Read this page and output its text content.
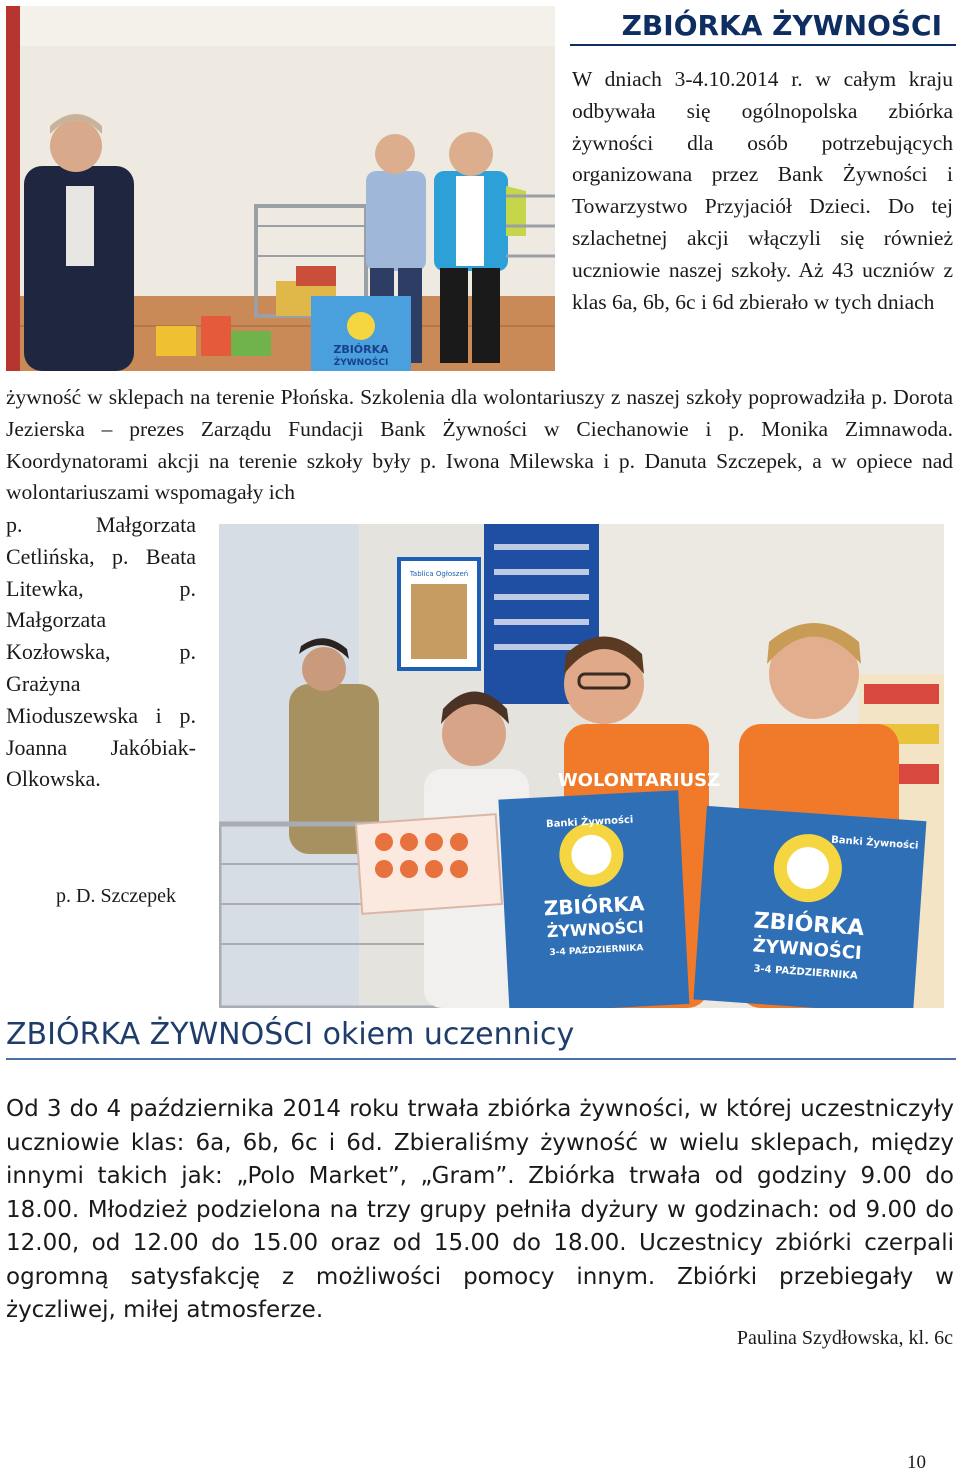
ZBIÓRKA
ŻYWNOŚCI
ZBIÓRKA ŻYWNOŚCI
W dniach 3-4.10.2014 r. w całym kraju odbywała się ogólnopolska zbiórka żywności dla osób potrzebujących organizowana przez Bank Żywności i Towarzystwo Przyjaciół Dzieci. Do tej szlachetnej akcji włączyli się również uczniowie naszej szkoły. Aż 43 uczniów z klas 6a, 6b, 6c i 6d zbierało w tych dniach
żywność w sklepach na terenie Płońska. Szkolenia dla wolontariuszy z naszej szkoły poprowadziła p. Dorota Jezierska – prezes Zarządu Fundacji Bank Żywności w Ciechanowie i p. Monika Zimnawoda. Koordynatorami akcji na terenie szkoły były p. Iwona Milewska i p. Danuta Szczepek, a w opiece nad wolontariuszami wspomagały ich
p. Małgorzata Cetlińska, p. Beata Litewka, p. Małgorzata Kozłowska, p. Grażyna Mioduszewska i p. Joanna Jakóbiak-Olkowska.
p. D. Szczepek
Tablica Ogłoszeń
WOLONTARIUSZ
Banki Żywności
ZBIÓRKA
ŻYWNOŚCI
3-4 PAŹDZIERNIKA
Banki Żywności
ZBIÓRKA
ŻYWNOŚCI
3-4 PAŹDZIERNIKA
ZBIÓRKA ŻYWNOŚCI okiem uczennicy
Od 3 do 4 października 2014 roku trwała zbiórka żywności, w której uczestniczyły uczniowie klas: 6a, 6b, 6c i 6d. Zbieraliśmy żywność w wielu sklepach, między innymi takich jak: „Polo Market”, „Gram”. Zbiórka trwała od godziny 9.00 do 18.00. Młodzież podzielona na trzy grupy pełniła dyżury w godzinach: od 9.00 do 12.00, od 12.00 do 15.00 oraz od 15.00 do 18.00. Uczestnicy zbiórki czerpali ogromną satysfakcję z możliwości pomocy innym. Zbiórki przebiegały w życzliwej, miłej atmosferze.
Paulina Szydłowska, kl. 6c
10
